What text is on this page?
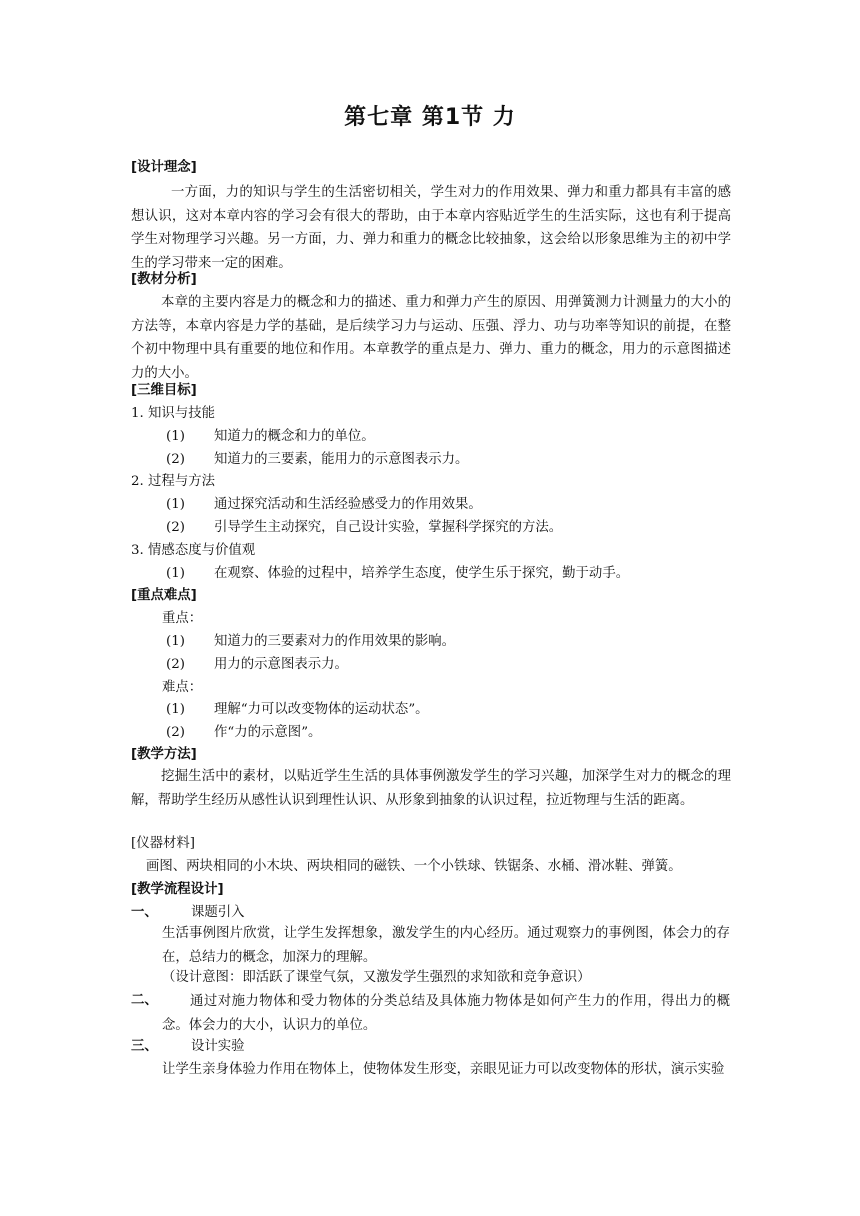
第七章 第1节 力
[设计理念]
一方面，力的知识与学生的生活密切相关，学生对力的作用效果、弹力和重力都具有丰富的感想认识，这对本章内容的学习会有很大的帮助，由于本章内容贴近学生的生活实际，这也有利于提高学生对物理学习兴趣。另一方面，力、弹力和重力的概念比较抽象，这会给以形象思维为主的初中学生的学习带来一定的困难。
[教材分析]
本章的主要内容是力的概念和力的描述、重力和弹力产生的原因、用弹簧测力计测量力的大小的方法等，本章内容是力学的基础，是后续学习力与运动、压强、浮力、功与功率等知识的前提，在整个初中物理中具有重要的地位和作用。本章教学的重点是力、弹力、重力的概念，用力的示意图描述力的大小。
[三维目标]
1. 知识与技能
(1) 知道力的概念和力的单位。
(2) 知道力的三要素，能用力的示意图表示力。
2. 过程与方法
(1) 通过探究活动和生活经验感受力的作用效果。
(2) 引导学生主动探究，自己设计实验，掌握科学探究的方法。
3. 情感态度与价值观
(1) 在观察、体验的过程中，培养学生态度，使学生乐于探究，勤于动手。
[重点难点]
重点：
(1) 知道力的三要素对力的作用效果的影响。
(2) 用力的示意图表示力。
难点：
(1) 理解“力可以改变物体的运动状态”。
(2) 作“力的示意图”。
[教学方法]
挖掘生活中的素材，以贴近学生生活的具体事例激发学生的学习兴趣，加深学生对力的概念的理解，帮助学生经历从感性认识到理性认识、从形象到抽象的认识过程，拉近物理与生活的距离。
[仪器材料]
画图、两块相同的小木块、两块相同的磁铁、一个小铁球、铁锯条、水桶、滑冰鞋、弹簧。
[教学流程设计]
一、 课题引入
生活事例图片欣赏，让学生发挥想象，激发学生的内心经历。通过观察力的事例图，体会力的存在，总结力的概念，加深力的理解。
（设计意图：即活跃了课堂气氛，又激发学生强烈的求知欲和竞争意识）
二、	通过对施力物体和受力物体的分类总结及具体施力物体是如何产生力的作用，得出力的概念。体会力的大小，认识力的单位。
三、 设计实验
让学生亲身体验力作用在物体上，使物体发生形变，亲眼见证力可以改变物体的形状，演示实验
